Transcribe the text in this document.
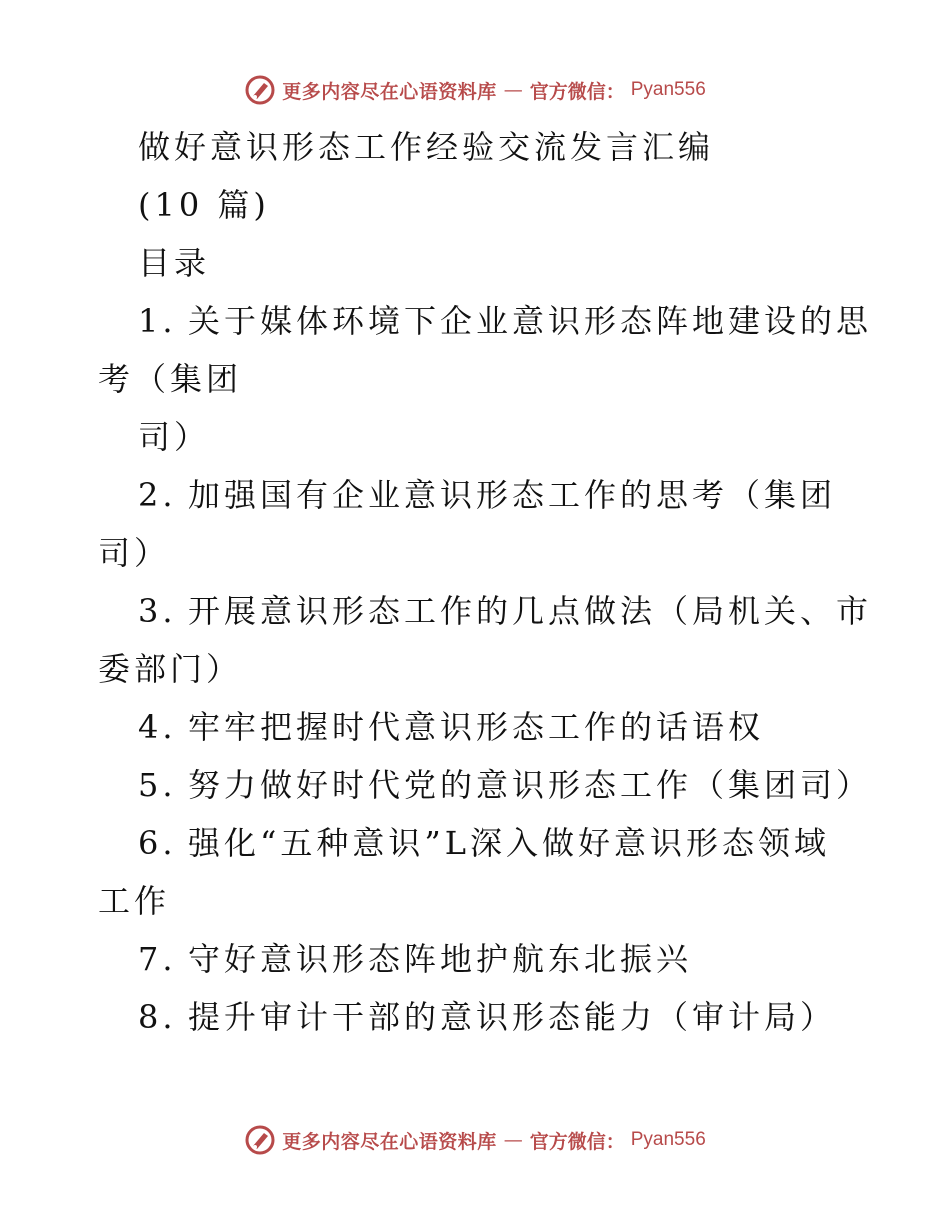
更多内容尽在心语资料库 — 官方微信： Pyan556
做好意识形态工作经验交流发言汇编
(10 篇)
目录
1. 关于媒体环境下企业意识形态阵地建设的思
考（集团
司）
2. 加强国有企业意识形态工作的思考（集团
司）
3. 开展意识形态工作的几点做法（局机关、市
委部门）
4. 牢牢把握时代意识形态工作的话语权
5. 努力做好时代党的意识形态工作（集团司）
6. 强化“五种意识”L深入做好意识形态领域
工作
7. 守好意识形态阵地护航东北振兴
8. 提升审计干部的意识形态能力（审计局）
更多内容尽在心语资料库 — 官方微信： Pyan556
